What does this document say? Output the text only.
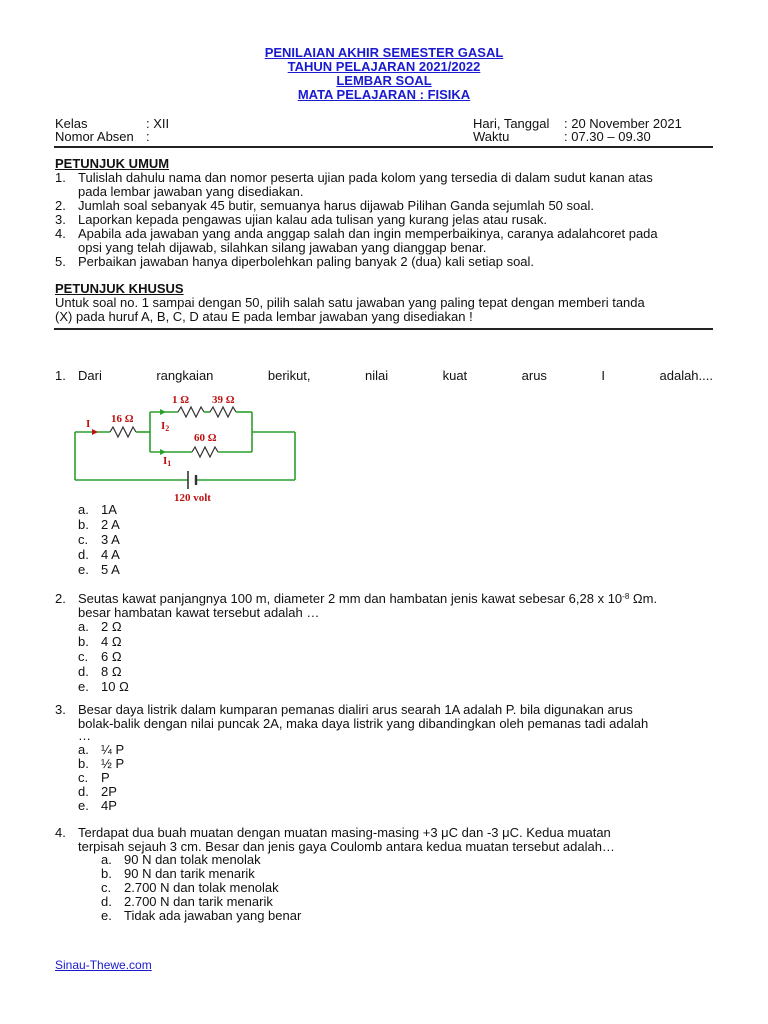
PENILAIAN AKHIR SEMESTER GASAL
TAHUN PELAJARAN 2021/2022
LEMBAR SOAL
MATA PELAJARAN : FISIKA
Kelas	: XII
Nomor Absen :
Hari, Tanggal : 20 November 2021
Waktu	: 07.30 – 09.30
PETUNJUK UMUM
1. Tulislah dahulu nama dan nomor peserta ujian pada kolom yang tersedia di dalam sudut kanan atas
pada lembar jawaban yang disediakan.
2. Jumlah soal sebanyak 45 butir, semuanya harus dijawab Pilihan Ganda sejumlah 50 soal.
3. Laporkan kepada pengawas ujian kalau ada tulisan yang kurang jelas atau rusak.
4. Apabila ada jawaban yang anda anggap salah dan ingin memperbaikinya, caranya adalahcoret pada
opsi yang telah dijawab, silahkan silang jawaban yang dianggap benar.
5. Perbaikan jawaban hanya diperbolehkan paling banyak 2 (dua) kali setiap soal.
PETUNJUK KHUSUS
Untuk soal no. 1 sampai dengan 50, pilih salah satu jawaban yang paling tepat dengan memberi tanda
(X) pada huruf A, B, C, D atau E pada lembar jawaban yang disediakan !
1. Dari	rangkaian	berikut,	nilai	kuat	arus	I	adalah....
16 Ω
1 Ω 39 Ω
60 Ω
I	I2
I1
120 volt
a. 1A
b. 2 A
c. 3 A
d. 4 A
e. 5 A
2. Seutas kawat panjangnya 100 m, diameter 2 mm dan hambatan jenis kawat sebesar 6,28 x $10^{-8}$ Ωm.
besar hambatan kawat tersebut adalah …
a. 2 Ω
b. 4 Ω
c. 6 Ω
d. 8 Ω
e. 10 Ω
3. Besar daya listrik dalam kumparan pemanas dialiri arus searah 1A adalah P. bila digunakan arus
bolak-balik dengan nilai puncak 2A, maka daya listrik yang dibandingkan oleh pemanas tadi adalah
…
a. ¼ P
b. ½ P
c. P
d. 2P
e. 4P
4. Terdapat dua buah muatan dengan muatan masing-masing +3 μC dan -3 μC. Kedua muatan
terpisah sejauh 3 cm. Besar dan jenis gaya Coulomb antara kedua muatan tersebut adalah…
a. 90 N dan tolak menolak
b. 90 N dan tarik menarik
c. 2.700 N dan tolak menolak
d. 2.700 N dan tarik menarik
e. Tidak ada jawaban yang benar
Sinau-Thewe.com
